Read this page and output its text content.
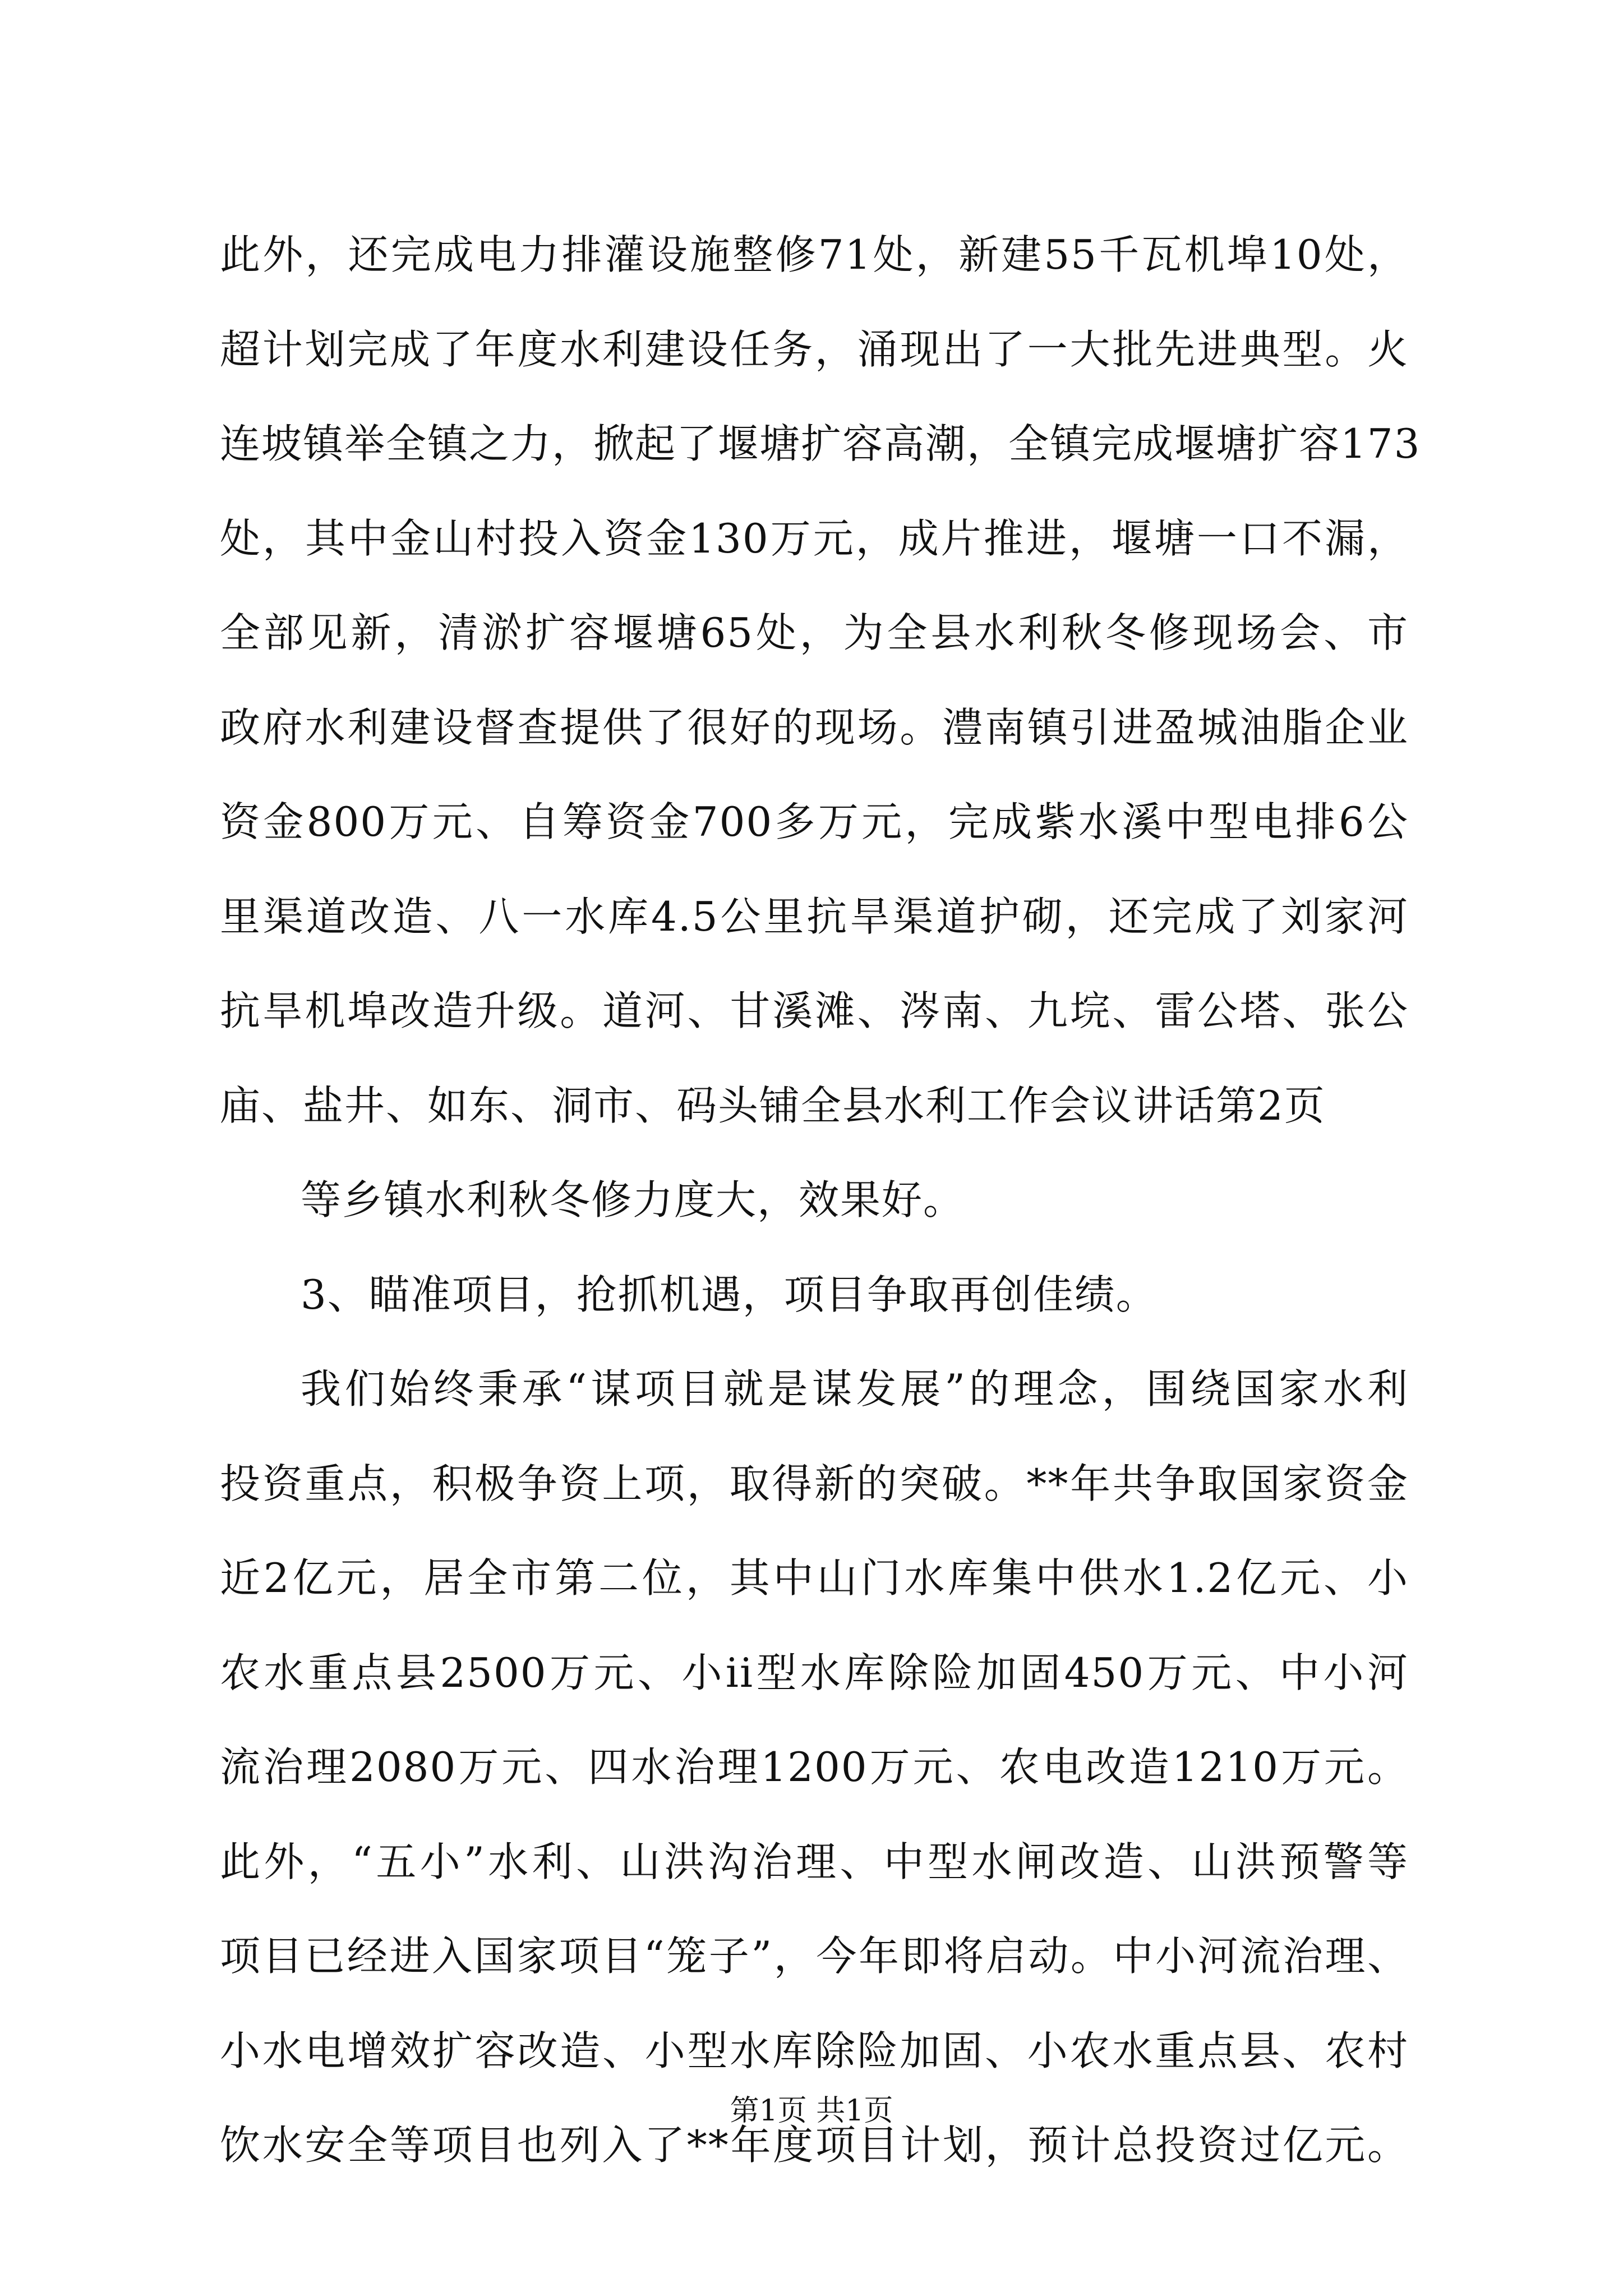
此外，还完成电力排灌设施整修71处，新建55千瓦机埠10处，
超计划完成了年度水利建设任务，涌现出了一大批先进典型。火
连坡镇举全镇之力，掀起了堰塘扩容高潮，全镇完成堰塘扩容173
处，其中金山村投入资金130万元，成片推进，堰塘一口不漏，
全部见新，清淤扩容堰塘65处，为全县水利秋冬修现场会、市
政府水利建设督查提供了很好的现场。澧南镇引进盈城油脂企业
资金800万元、自筹资金700多万元，完成紫水溪中型电排6公
里渠道改造、八一水库4.5公里抗旱渠道护砌，还完成了刘家河
抗旱机埠改造升级。道河、甘溪滩、涔南、九垸、雷公塔、张公
庙、盐井、如东、洞市、码头铺全县水利工作会议讲话第2页
等乡镇水利秋冬修力度大，效果好。
3、瞄准项目，抢抓机遇，项目争取再创佳绩。
我们始终秉承“谋项目就是谋发展”的理念，围绕国家水利
投资重点，积极争资上项，取得新的突破。**年共争取国家资金
近2亿元，居全市第二位，其中山门水库集中供水1.2亿元、小
农水重点县2500万元、小ii型水库除险加固450万元、中小河
流治理2080万元、四水治理1200万元、农电改造1210万元。
此外，“五小”水利、山洪沟治理、中型水闸改造、山洪预警等
项目已经进入国家项目“笼子”，今年即将启动。中小河流治理、
小水电增效扩容改造、小型水库除险加固、小农水重点县、农村
饮水安全等项目也列入了**年度项目计划，预计总投资过亿元。
第1页 共1页
